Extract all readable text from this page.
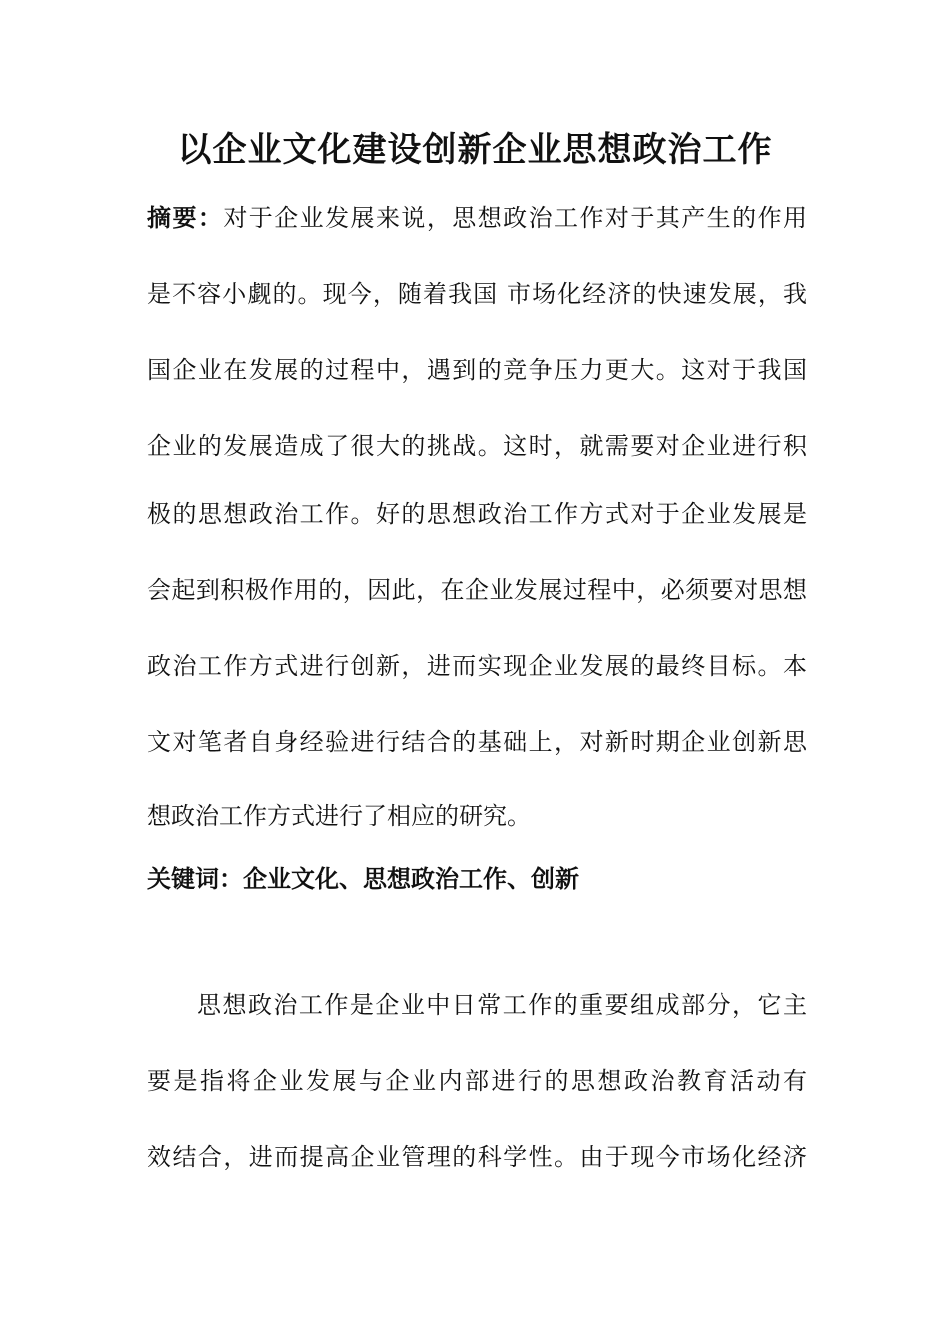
以企业文化建设创新企业思想政治工作
摘要：对于企业发展来说，思想政治工作对于其产生的作用
是不容小觑的。现今，随着我国 市场化经济的快速发展，我
国企业在发展的过程中，遇到的竞争压力更大。这对于我国
企业的发展造成了很大的挑战。这时，就需要对企业进行积
极的思想政治工作。好的思想政治工作方式对于企业发展是
会起到积极作用的，因此，在企业发展过程中，必须要对思想
政治工作方式进行创新，进而实现企业发展的最终目标。本
文对笔者自身经验进行结合的基础上，对新时期企业创新思
想政治工作方式进行了相应的研究。
关键词：企业文化、思想政治工作、创新
思想政治工作是企业中日常工作的重要组成部分，它主
要是指将企业发展与企业内部进行的思想政治教育活动有
效结合，进而提高企业管理的科学性。由于现今市场化经济
